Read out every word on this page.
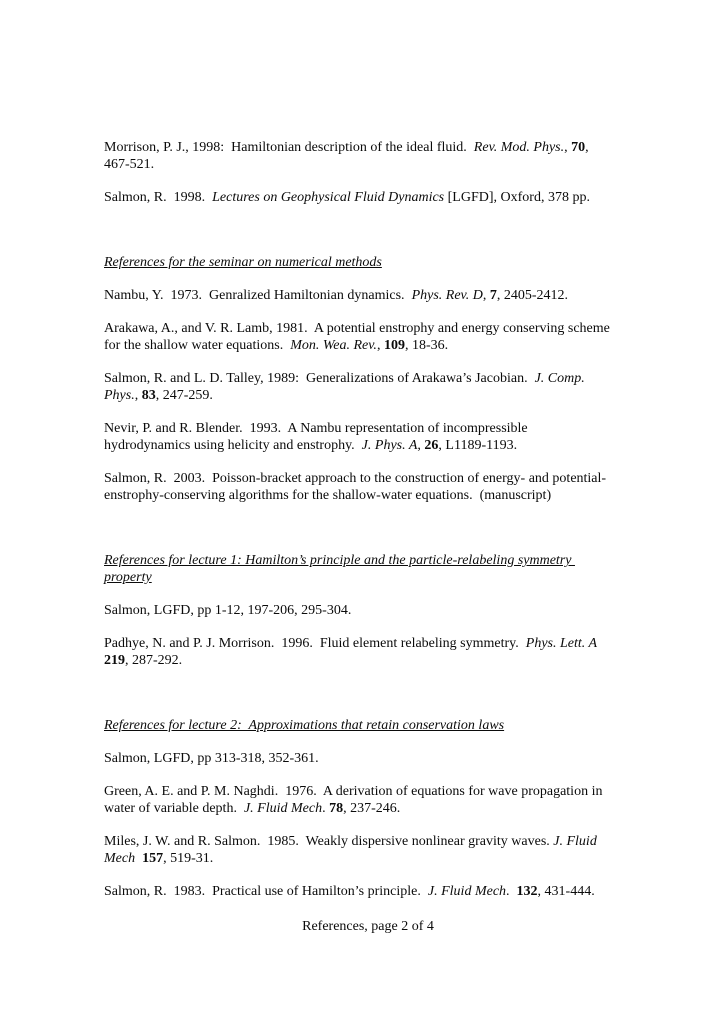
Morrison, P. J., 1998:  Hamiltonian description of the ideal fluid.  Rev. Mod. Phys., 70, 467-521.

Salmon, R.  1998.  Lectures on Geophysical Fluid Dynamics [LGFD], Oxford, 378 pp.

References for the seminar on numerical methods

Nambu, Y.  1973.  Genralized Hamiltonian dynamics.  Phys. Rev. D, 7, 2405-2412.

Arakawa, A., and V. R. Lamb, 1981.  A potential enstrophy and energy conserving scheme for the shallow water equations.  Mon. Wea. Rev., 109, 18-36.

Salmon, R. and L. D. Talley, 1989:  Generalizations of Arakawa’s Jacobian.  J. Comp. Phys., 83, 247-259.

Nevir, P. and R. Blender.  1993.  A Nambu representation of incompressible hydrodynamics using helicity and enstrophy.  J. Phys. A, 26, L1189-1193.

Salmon, R.  2003.  Poisson-bracket approach to the construction of energy- and potential-enstrophy-conserving algorithms for the shallow-water equations.  (manuscript)

References for lecture 1: Hamilton’s principle and the particle-relabeling symmetry property

Salmon, LGFD, pp 1-12, 197-206, 295-304.

Padhye, N. and P. J. Morrison.  1996.  Fluid element relabeling symmetry.  Phys. Lett. A 219, 287-292.

References for lecture 2:  Approximations that retain conservation laws

Salmon, LGFD, pp 313-318, 352-361.

Green, A. E. and P. M. Naghdi.  1976.  A derivation of equations for wave propagation in water of variable depth.  J. Fluid Mech. 78, 237-246.

Miles, J. W. and R. Salmon.  1985.  Weakly dispersive nonlinear gravity waves. J. Fluid Mech 157, 519-31.

Salmon, R.  1983.  Practical use of Hamilton’s principle.  J. Fluid Mech.  132, 431-444.

References, page 2 of 4
